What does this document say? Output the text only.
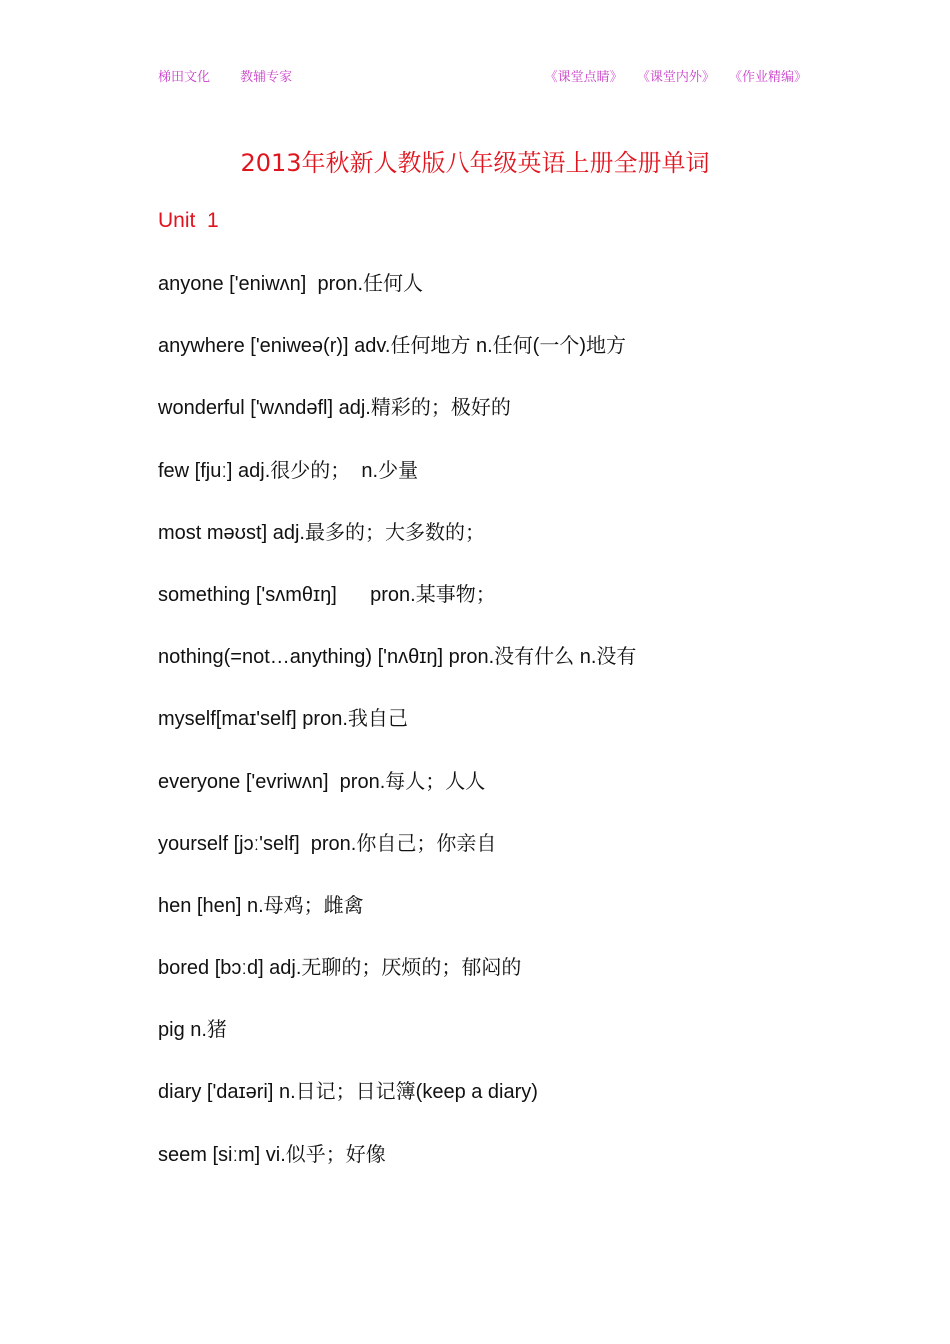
梯田文化 教辅专家	《课堂点睛》 《课堂内外》 《作业精编》
2013年秋新人教版八年级英语上册全册单词
Unit  1
anyone ['eniwʌn]  pron.任何人
anywhere ['eniweə(r)] adv.任何地方 n.任何(一个)地方
wonderful ['wʌndəfl] adj.精彩的；极好的
few [fjuː] adj.很少的；  n.少量
most məʊst] adj.最多的；大多数的；
something ['sʌmθɪŋ]      pron.某事物；
nothing(=not…anything) ['nʌθɪŋ] pron.没有什么 n.没有
myself[maɪ'self] pron.我自己
everyone ['evriwʌn]  pron.每人；人人
yourself [jɔː'self]  pron.你自己；你亲自
hen [hen] n.母鸡；雌禽
bored [bɔːd] adj.无聊的；厌烦的；郁闷的
pig n.猪
diary ['daɪəri] n.日记；日记簿(keep a diary)
seem [siːm] vi.似乎；好像
